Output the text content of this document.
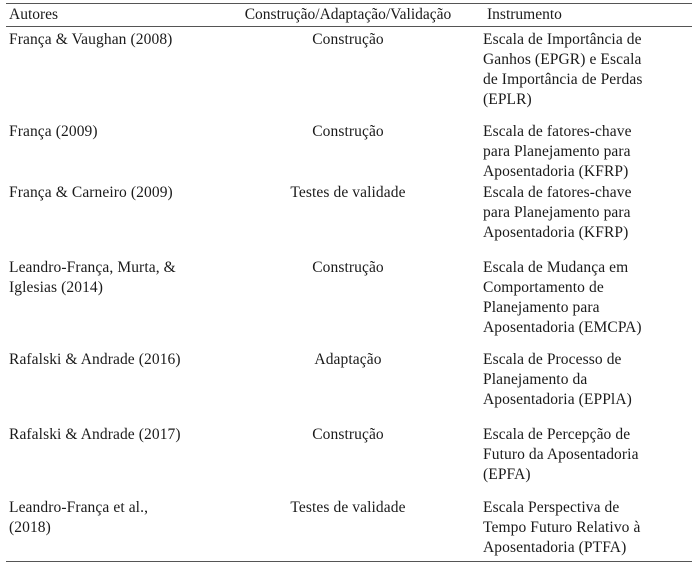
Autores	Construção/Adaptação/Validação	Instrumento
França & Vaughan (2008)	Construção	Escala de Importância de
Ganhos (EPGR) e Escala
de Importância de Perdas
(EPLR)
França (2009)	Construção	Escala de fatores-chave
para Planejamento para
Aposentadoria (KFRP)
França & Carneiro (2009)	Testes de validade	Escala de fatores-chave
para Planejamento para
Aposentadoria (KFRP)
Leandro-França, Murta, &
Iglesias (2014)
Construção	Escala de Mudança em
Comportamento de
Planejamento para
Aposentadoria (EMCPA)
Rafalski & Andrade (2016)	Adaptação	Escala de Processo de
Planejamento da
Aposentadoria (EPPlA)
Rafalski & Andrade (2017)	Construção	Escala de Percepção de
Futuro da Aposentadoria
(EPFA)
Leandro-França et al.,
(2018)
Testes de validade	Escala Perspectiva de
Tempo Futuro Relativo à
Aposentadoria (PTFA)
